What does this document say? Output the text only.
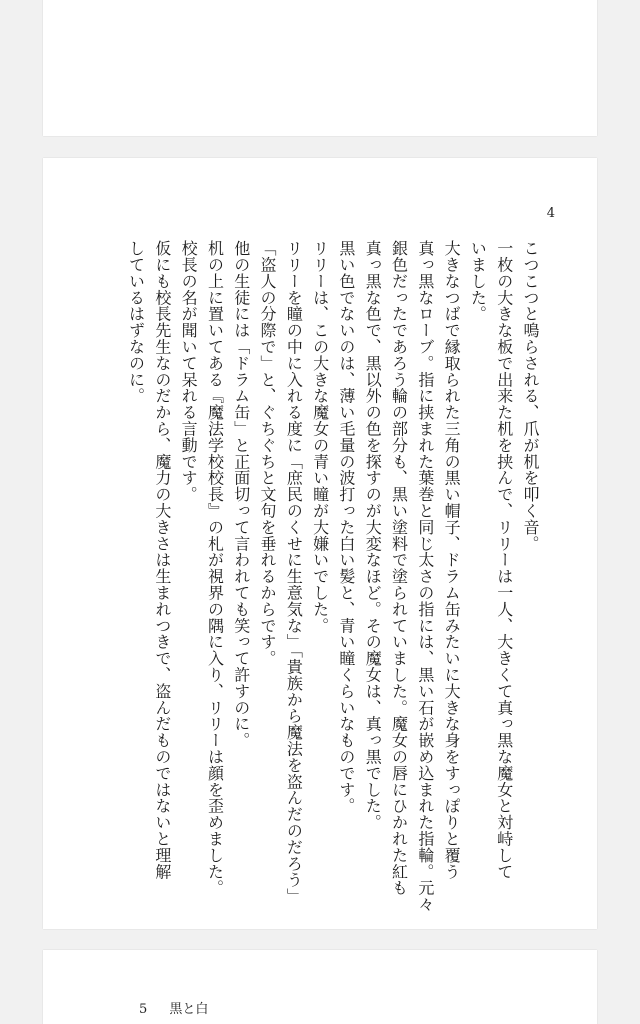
4

こつこつと鳴らされる、爪が机を叩く音。

一枚の大きな板で出来た机を挟んで、リリーは一人、大きくて真っ黒な魔女と対峙して

いました。

大きなつばで縁取られた三角の黒い帽子、ドラム缶みたいに大きな身をすっぽりと覆う

真っ黒なローブ。指に挟まれた葉巻と同じ太さの指には、黒い石が嵌め込まれた指輪。元々

銀色だったであろう輪の部分も、黒い塗料で塗られていました。魔女の唇にひかれた紅も

真っ黒な色で、黒以外の色を探すのが大変なほど。その魔女は、真っ黒でした。

黒い色でないのは、薄い毛量の波打った白い髪と、青い瞳くらいなものです。

リリーは、この大きな魔女の青い瞳が大嫌いでした。

リリーを瞳の中に入れる度に「庶民のくせに生意気な」「貴族から魔法を盗んだのだろう」

「盗人の分際で」と、ぐちぐちと文句を垂れるからです。

他の生徒には「ドラム缶」と正面切って言われても笑って許すのに。

机の上に置いてある『魔法学校校長』の札が視界の隅に入り、リリーは顔を歪めました。

校長の名が聞いて呆れる言動です。

仮にも校長先生なのだから、魔力の大きさは生まれつきで、盗んだものではないと理解

しているはずなのに。

5 黒と白
